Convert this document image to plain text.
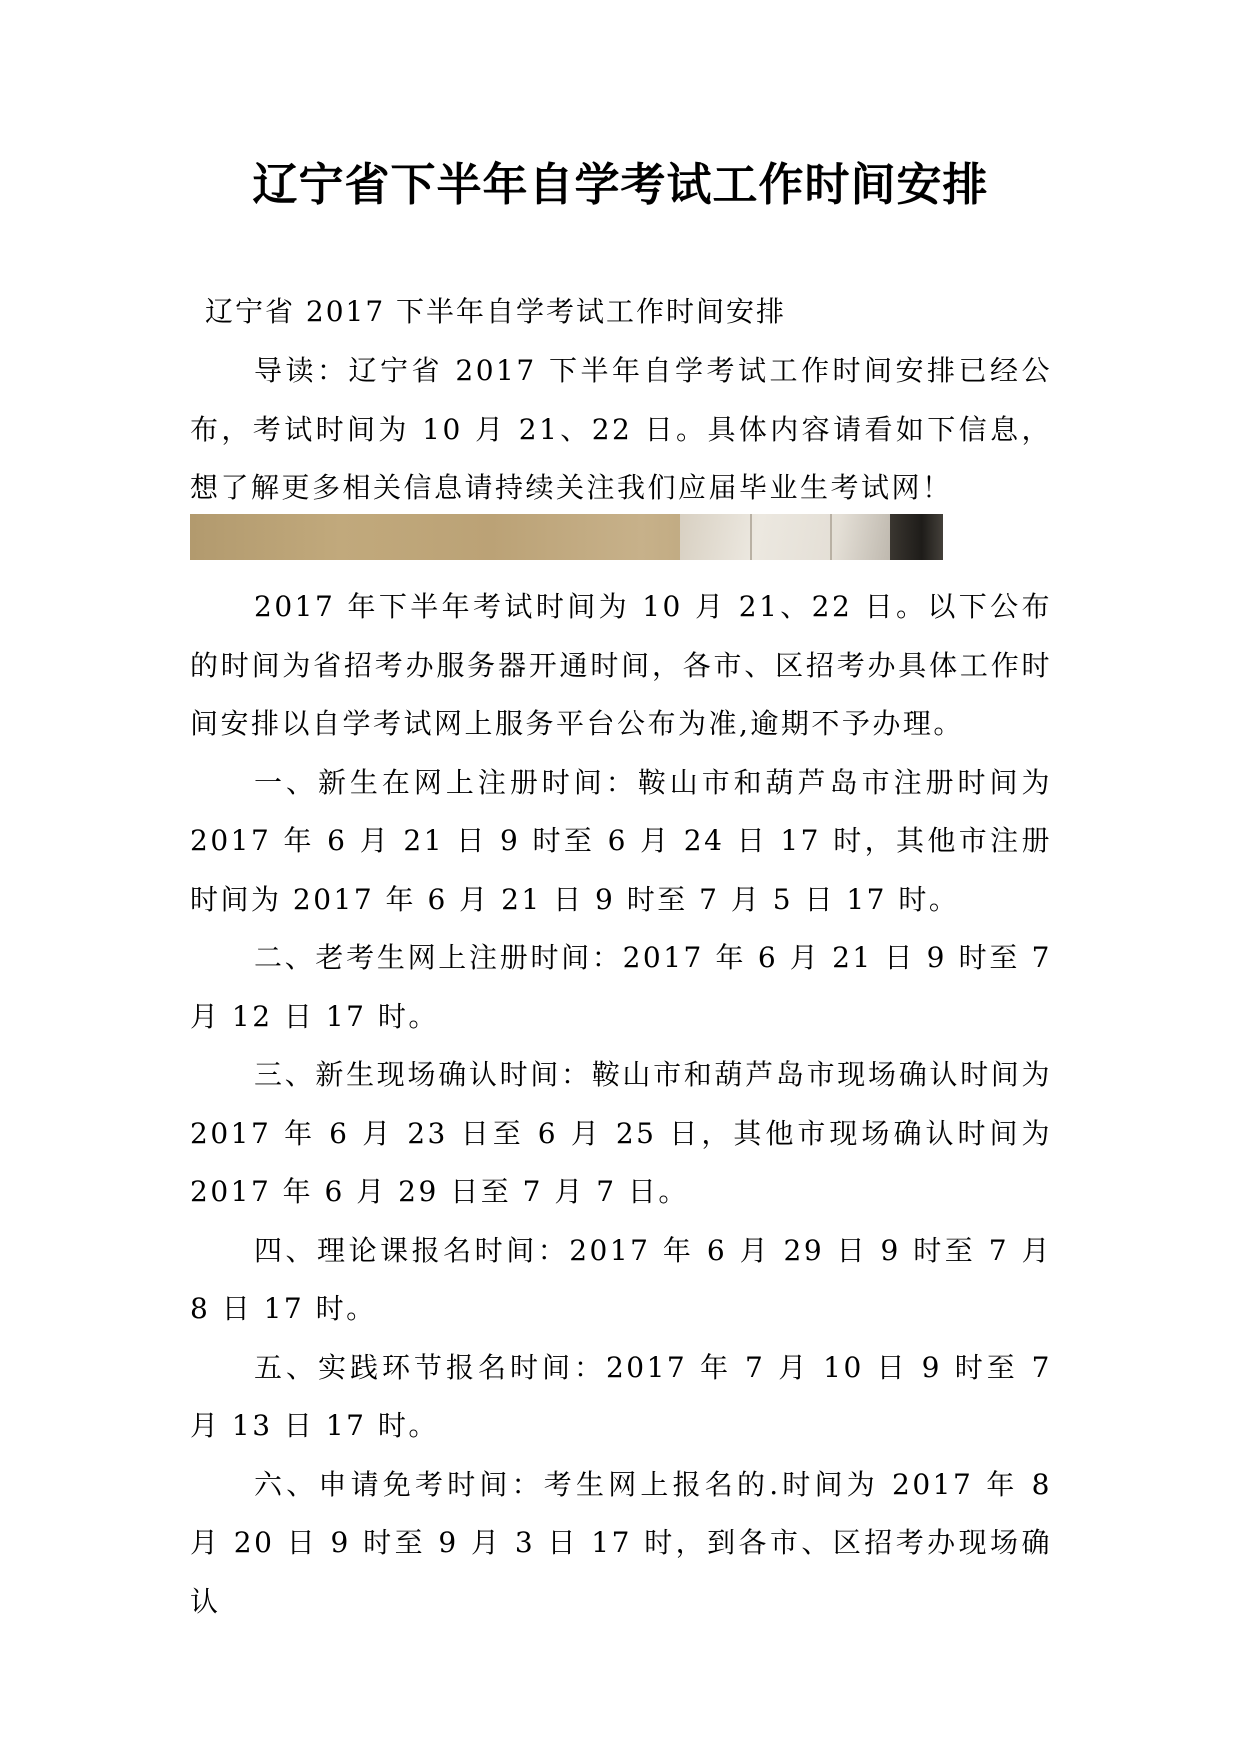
辽宁省下半年自学考试工作时间安排

辽宁省 2017 下半年自学考试工作时间安排

导读：辽宁省 2017 下半年自学考试工作时间安排已经公布，考试时间为 10 月 21、22 日。具体内容请看如下信息，想了解更多相关信息请持续关注我们应届毕业生考试网！

2017 年下半年考试时间为 10 月 21、22 日。以下公布的时间为省招考办服务器开通时间，各市、区招考办具体工作时间安排以自学考试网上服务平台公布为准,逾期不予办理。

一、新生在网上注册时间：鞍山市和葫芦岛市注册时间为 2017 年 6 月 21 日 9 时至 6 月 24 日 17 时，其他市注册时间为 2017 年 6 月 21 日 9 时至 7 月 5 日 17 时。

二、老考生网上注册时间：2017 年 6 月 21 日 9 时至 7 月 12 日 17 时。

三、新生现场确认时间：鞍山市和葫芦岛市现场确认时间为 2017 年 6 月 23 日至 6 月 25 日，其他市现场确认时间为 2017 年 6 月 29 日至 7 月 7 日。

四、理论课报名时间：2017 年 6 月 29 日 9 时至 7 月 8 日 17 时。

五、实践环节报名时间：2017 年 7 月 10 日 9 时至 7 月 13 日 17 时。

六、申请免考时间：考生网上报名的.时间为 2017 年 8 月 20 日 9 时至 9 月 3 日 17 时，到各市、区招考办现场确认
